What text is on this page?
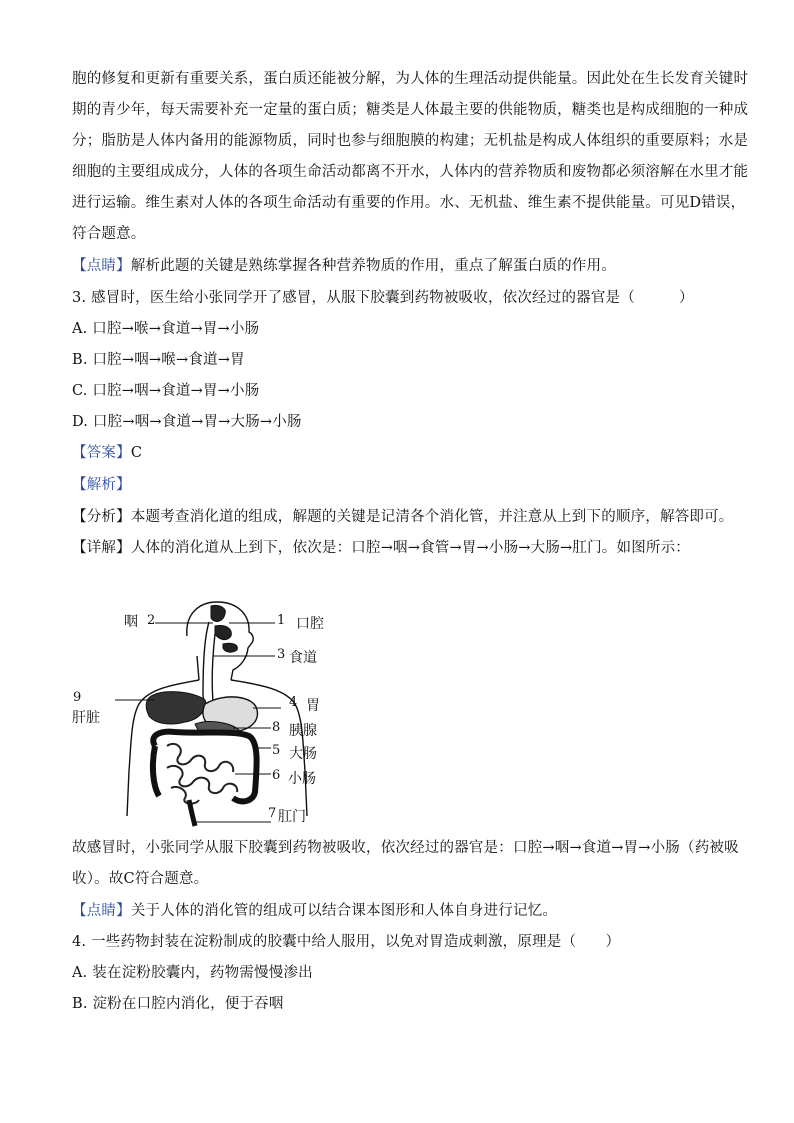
胞的修复和更新有重要关系，蛋白质还能被分解，为人体的生理活动提供能量。因此处在生长发育关键时
期的青少年，每天需要补充一定量的蛋白质；糖类是人体最主要的供能物质，糖类也是构成细胞的一种成
分；脂肪是人体内备用的能源物质，同时也参与细胞膜的构建；无机盐是构成人体组织的重要原料；水是
细胞的主要组成成分，人体的各项生命活动都离不开水，人体内的营养物质和废物都必须溶解在水里才能
进行运输。维生素对人体的各项生命活动有重要的作用。水、无机盐、维生素不提供能量。可见D错误，
符合题意。
【点睛】解析此题的关键是熟练掌握各种营养物质的作用，重点了解蛋白质的作用。
3. 感冒时，医生给小张同学开了感冒，从服下胶囊到药物被吸收，依次经过的器官是（　　　）
A. 口腔→喉→食道→胃→小肠
B. 口腔→咽→喉→食道→胃
C. 口腔→咽→食道→胃→小肠
D. 口腔→咽→食道→胃→大肠→小肠
【答案】C
【解析】
【分析】本题考查消化道的组成，解题的关键是记清各个消化管，并注意从上到下的顺序，解答即可。
【详解】人体的消化道从上到下，依次是：口腔→咽→食管→胃→小肠→大肠→肛门。如图所示：
咽 2	1 口腔
3 食道
9
肝脏
4 胃
8 胰腺
5 大肠
6 小肠
7 肛门
故感冒时，小张同学从服下胶囊到药物被吸收，依次经过的器官是：口腔→咽→食道→胃→小肠（药被吸
收）。故C符合题意。
【点睛】关于人体的消化管的组成可以结合课本图形和人体自身进行记忆。
4. 一些药物封装在淀粉制成的胶囊中给人服用，以免对胃造成刺激，原理是（　　）
A. 装在淀粉胶囊内，药物需慢慢渗出
B. 淀粉在口腔内消化，便于吞咽
